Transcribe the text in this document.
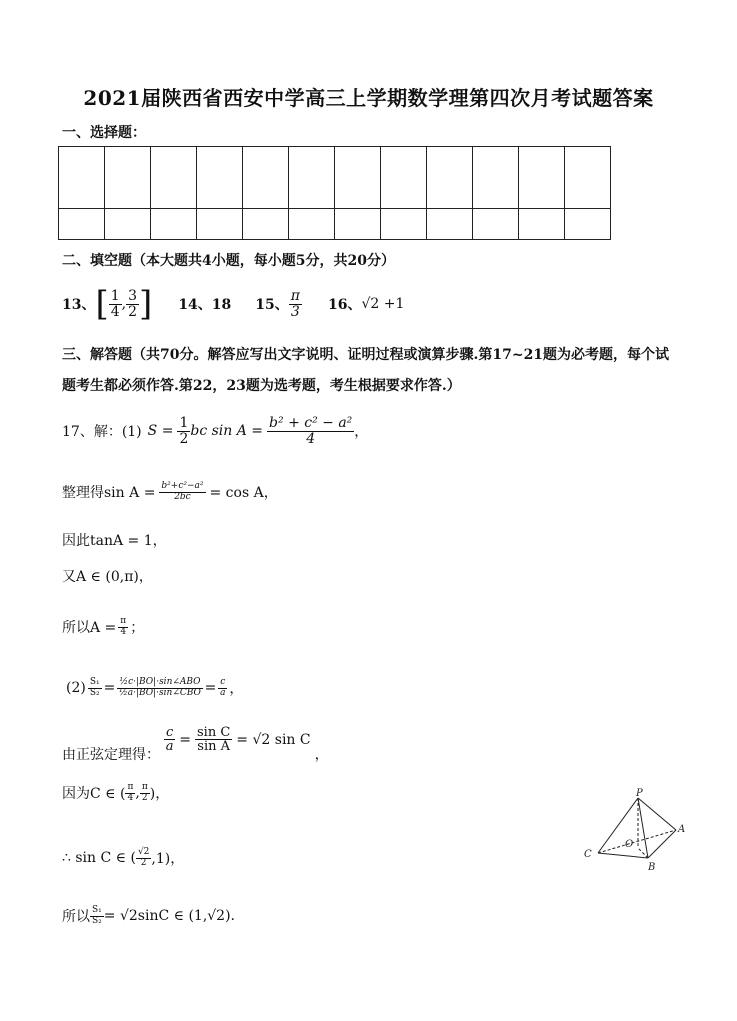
2021届陕西省西安中学高三上学期数学理第四次月考试题答案
一、选择题：

二、填空题（本大题共4小题，每小题5分，共20分）
13、 [ $\frac{1}{4}$ , $\frac{3}{2}$ ] 14、18 15、 $\frac{\pi}{3} 16$、 √2 +1
三、解答题（共70分。解答应写出文字说明、证明过程或演算步骤.第17~21题为必考题，每个试
题考生都必须作答.第22，23题为选考题，考生根据要求作答.）
17、解：(1) $S = \frac{1}{2}$ bc $\sin A = \frac{\text{b² + c² − a²}}{4}$ ，
整理得$\sin A = \frac{\text{b²+c²−a²}}{2bc} = \cos A$，
因此tanA = 1，
又A ∈ (0,π)，
所以$A = \frac{\pi}{4}$ ；
$(2) \frac{\text{S₁}}{\text{S₂}} = \frac{\text{½c·|BO|·sin∠ABO}}{\text{½a·|BO|·sin∠CBO}} = \frac{c}{a}$ ，
由正弦定理得：
$\frac{c}{a} = \frac{\text{sin C}}{\text{sin A}} = √2$ sin C
，
因为C ∈ ( $\frac{\pi}{4}$ , $\frac{\pi}{2}$ )，
∴ sin C ∈ ( $\frac{√2}{2} ,1$)，
所以 $\frac{\text{S₁}}{\text{S₂}} = √2\sin C$ ∈ (1,√2).
P
A
B
C
O
